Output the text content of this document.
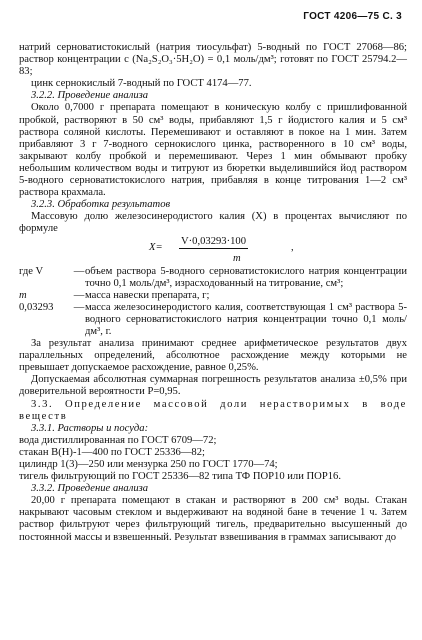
ГОСТ 4206—75 С. 3

натрий серноватистокислый (натрия тиосульфат) 5-водный по ГОСТ 27068—86; раствор концентрации c (Na₂S₂O₃·5H₂O) = 0,1 моль/дм³; готовят по ГОСТ 25794.2—83;

цинк сернокислый 7-водный по ГОСТ 4174—77.

3.2.2. Проведение анализа

Около 0,7000 г препарата помещают в коническую колбу с пришлифованной пробкой, растворяют в 50 см³ воды, прибавляют 1,5 г йодистого калия и 5 см³ раствора соляной кислоты. Перемешивают и оставляют в покое на 1 мин. Затем прибавляют 3 г 7-водного сернокислого цинка, растворенного в 10 см³ воды, закрывают колбу пробкой и перемешивают. Через 1 мин обмывают пробку небольшим количеством воды и титруют из бюретки выделившийся йод раствором 5-водного серноватистокислого натрия, прибавляя в конце титрования 1—2 см³ раствора крахмала.

3.2.3. Обработка результатов

Массовую долю железосинеродистого калия (X) в процентах вычисляют по формуле

X=
V·0,03293·100
m
,
где V	— объем раствора 5-водного серноватистокислого натрия концентрации точно 0,1 моль/дм³, израсходованный на титрование, см³;
m	— масса навески препарата, г;
0,03293	— масса железосинеродистого калия, соответствующая 1 см³ раствора 5-водного серноватистокислого натрия концентрации точно 0,1 моль/дм³, г.

За результат анализа принимают среднее арифметическое результатов двух параллельных определений, абсолютное расхождение между которыми не превышает допускаемое расхождение, равное 0,25%.

Допускаемая абсолютная суммарная погрешность результатов анализа ±0,5% при доверительной вероятности P=0,95.

3.3. Определение массовой доли нерастворимых в воде веществ

3.3.1. Растворы и посуда:

вода дистиллированная по ГОСТ 6709—72;

стакан В(Н)-1—400 по ГОСТ 25336—82;

цилиндр 1(3)—250 или мензурка 250 по ГОСТ 1770—74;

тигель фильтрующий по ГОСТ 25336—82 типа ТФ ПОР10 или ПОР16.

3.3.2. Проведение анализа

20,00 г препарата помещают в стакан и растворяют в 200 см³ воды. Стакан накрывают часовым стеклом и выдерживают на водяной бане в течение 1 ч. Затем раствор фильтруют через фильтрующий тигель, предварительно высушенный до постоянной массы и взвешенный. Результат взвешивания в граммах записывают до
